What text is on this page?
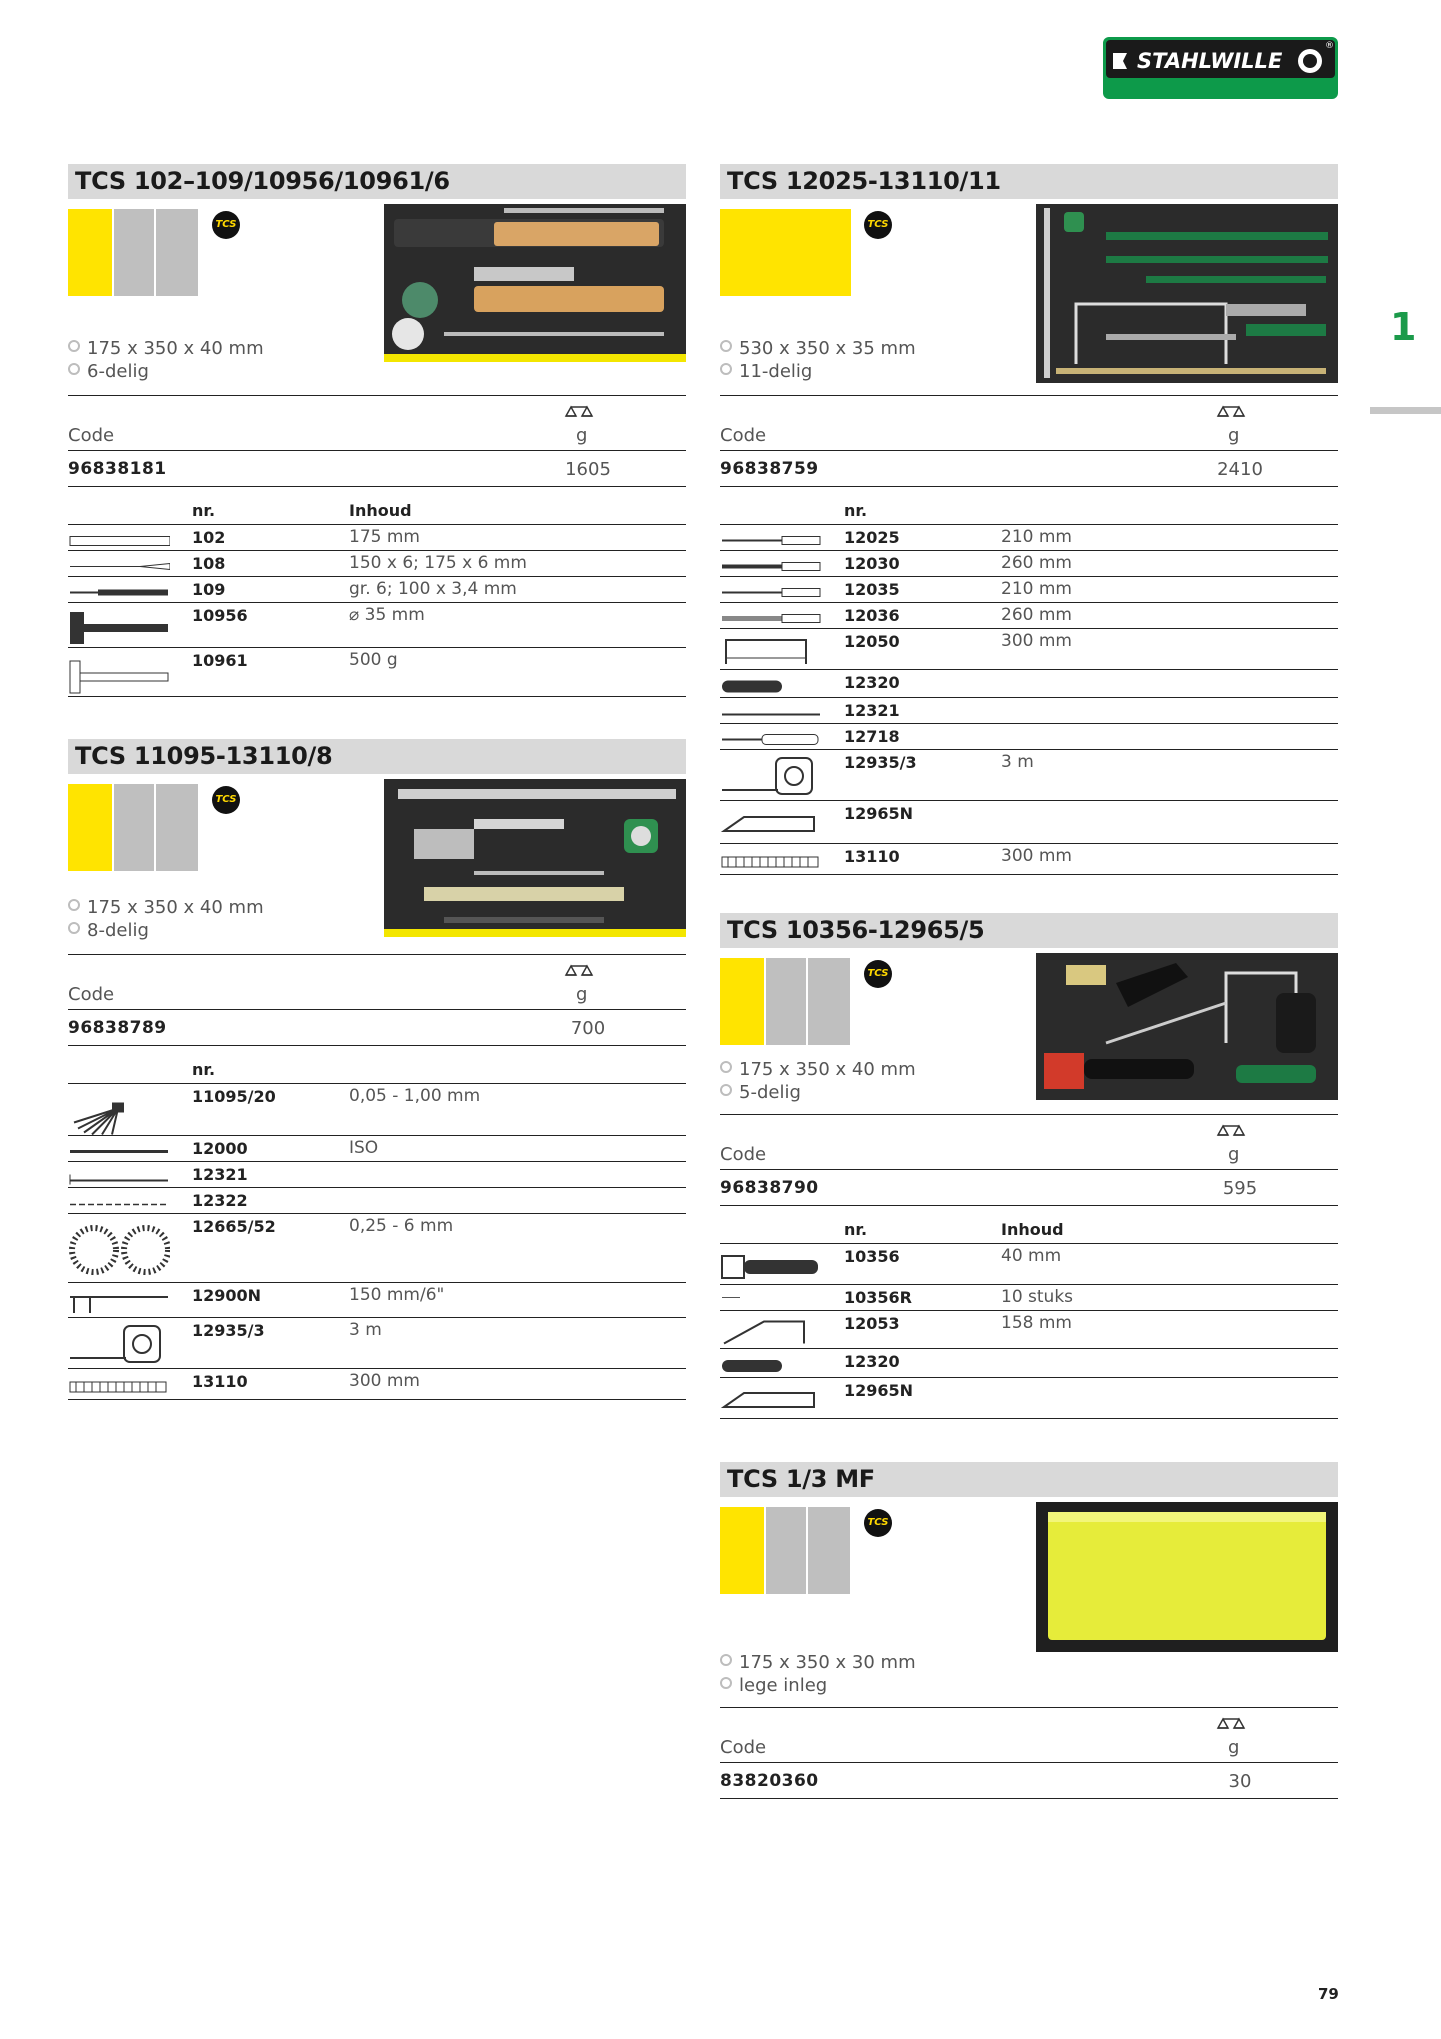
STAHLWILLE
®
1
TCS 102–109/10956/10961/6
TCS
175 x 350 x 40 mm
6-delig
Code	g
96838181	1605
nr.	Inhoud
102	175 mm
108	150 x 6; 175 x 6 mm
109	gr. 6; 100 x 3,4 mm
10956	⌀ 35 mm
10961	500 g
TCS 11095-13110/8
TCS
175 x 350 x 40 mm
8-delig
Code	g
96838789	700
nr.
11095/20	0,05 - 1,00 mm
12000	ISO
12321
12322
12665/52	0,25 - 6 mm
12900N	150 mm/6"
12935/3	3 m
13110	300 mm
TCS 12025-13110/11
TCS
530 x 350 x 35 mm
11-delig
Code	g
96838759	2410
nr.
12025	210 mm
12030	260 mm
12035	210 mm
12036	260 mm
12050	300 mm
12320
12321
12718
12935/3	3 m
12965N
13110	300 mm
TCS 10356-12965/5
TCS
175 x 350 x 40 mm
5-delig
Code	g
96838790	595
nr.	Inhoud
10356	40 mm
10356R	10 stuks
12053	158 mm
12320
12965N
TCS 1/3 MF
TCS
175 x 350 x 30 mm
lege inleg
Code	g
83820360	30
79
